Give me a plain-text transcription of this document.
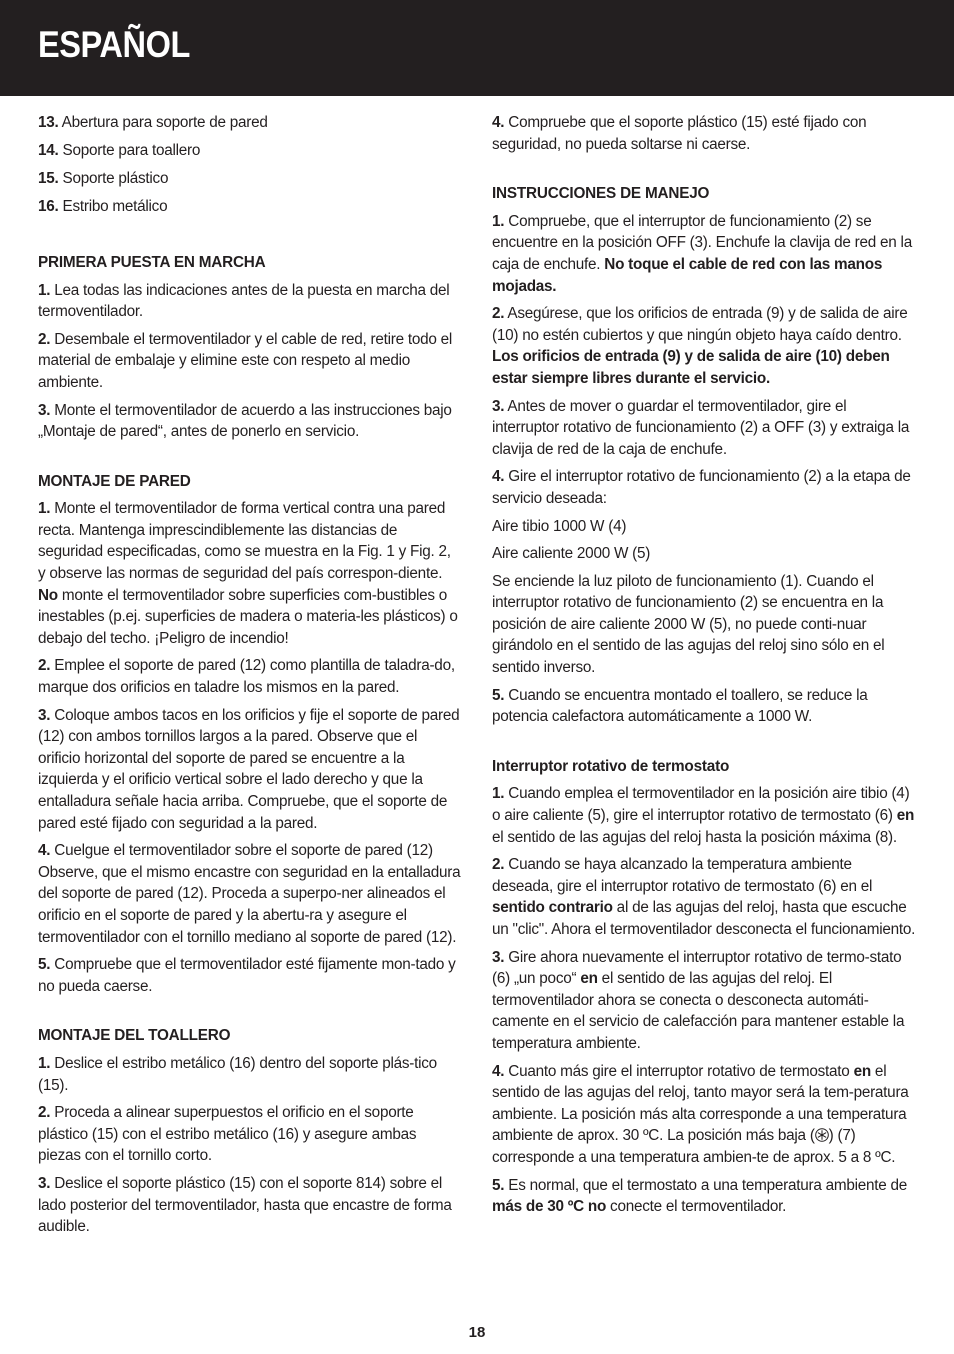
ESPAÑOL

13. Abertura para soporte de pared

14. Soporte para toallero

15. Soporte plástico

16. Estribo metálico

PRIMERA PUESTA EN MARCHA

1. Lea todas las indicaciones antes de la puesta en marcha del termoventilador.

2. Desembale el termoventilador y el cable de red, retire todo el material de embalaje y elimine este con respeto al medio ambiente.

3. Monte el termoventilador de acuerdo a las instrucciones bajo „Montaje de pared“, antes de ponerlo en servicio.

MONTAJE DE PARED

1. Monte el termoventilador de forma vertical contra una pared recta. Mantenga imprescindiblemente las distancias de seguridad especificadas, como se muestra en la Fig. 1 y Fig. 2, y observe las normas de seguridad del país correspon-diente. No monte el termoventilador sobre superficies com-bustibles o inestables (p.ej. superficies de madera o materia-les plásticos) o debajo del techo. ¡Peligro de incendio!

2. Emplee el soporte de pared (12) como plantilla de taladra-do, marque dos orificios en taladre los mismos en la pared.

3. Coloque ambos tacos en los orificios y fije el soporte de pared (12) con ambos tornillos largos a la pared. Observe que el orificio horizontal del soporte de pared se encuentre a la izquierda y el orificio vertical sobre el lado derecho y que la entalladura señale hacia arriba. Compruebe, que el soporte de pared esté fijado con seguridad a la pared.

4. Cuelgue el termoventilador sobre el soporte de pared (12) Observe, que el mismo encastre con seguridad en la entalladura del soporte de pared (12). Proceda a superpo-ner alineados el orificio en el soporte de pared y la abertu-ra y asegure el termoventilador con el tornillo mediano al soporte de pared (12).

5. Compruebe que el termoventilador esté fijamente mon-tado y no pueda caerse.

MONTAJE DEL TOALLERO

1. Deslice el estribo metálico (16) dentro del soporte plás-tico (15).

2. Proceda a alinear superpuestos el orificio en el soporte plástico (15) con el estribo metálico (16) y asegure ambas piezas con el tornillo corto.

3. Deslice el soporte plástico (15) con el soporte 814) sobre el lado posterior del termoventilador, hasta que encastre de forma audible.

4. Compruebe que el soporte plástico (15) esté fijado con seguridad, no pueda soltarse ni caerse.

INSTRUCCIONES DE MANEJO

1. Compruebe, que el interruptor de funcionamiento (2) se encuentre en la posición OFF (3). Enchufe la clavija de red en la caja de enchufe. No toque el cable de red con las manos mojadas.

2. Asegúrese, que los orificios de entrada (9) y de salida de aire (10) no estén cubiertos y que ningún objeto haya caído dentro. Los orificios de entrada (9) y de salida de aire (10) deben estar siempre libres durante el servicio.

3. Antes de mover o guardar el termoventilador, gire el interruptor rotativo de funcionamiento (2) a OFF (3) y extraiga la clavija de red de la caja de enchufe.

4. Gire el interruptor rotativo de funcionamiento (2) a la etapa de servicio deseada:

Aire tibio 1000 W (4)

Aire caliente 2000 W (5)

Se enciende la luz piloto de funcionamiento (1). Cuando el interruptor rotativo de funcionamiento (2) se encuentra en la posición de aire caliente 2000 W (5), no puede conti-nuar girándolo en el sentido de las agujas del reloj sino sólo en el sentido inverso.

5. Cuando se encuentra montado el toallero, se reduce la potencia calefactora automáticamente a 1000 W.

Interruptor rotativo de termostato

1. Cuando emplea el termoventilador en la posición aire tibio (4) o aire caliente (5), gire el interruptor rotativo de termostato (6) en el sentido de las agujas del reloj hasta la posición máxima (8).

2. Cuando se haya alcanzado la temperatura ambiente deseada, gire el interruptor rotativo de termostato (6) en el sentido contrario al de las agujas del reloj, hasta que escuche un "clic". Ahora el termoventilador desconecta el funcionamiento.

3. Gire ahora nuevamente el interruptor rotativo de termo-stato (6) „un poco“ en el sentido de las agujas del reloj. El termoventilador ahora se conecta o desconecta automáti-camente en el servicio de calefacción para mantener estable la temperatura ambiente.

4. Cuanto más gire el interruptor rotativo de termostato en el sentido de las agujas del reloj, tanto mayor será la tem-peratura ambiente. La posición más alta corresponde a una temperatura ambiente de aprox. 30 ºC. La posición más baja ( ) (7) corresponde a una temperatura ambien-te de aprox. 5 a 8 ºC.

5. Es normal, que el termostato a una temperatura ambiente de más de 30 ºC no conecte el termoventilador.

18
